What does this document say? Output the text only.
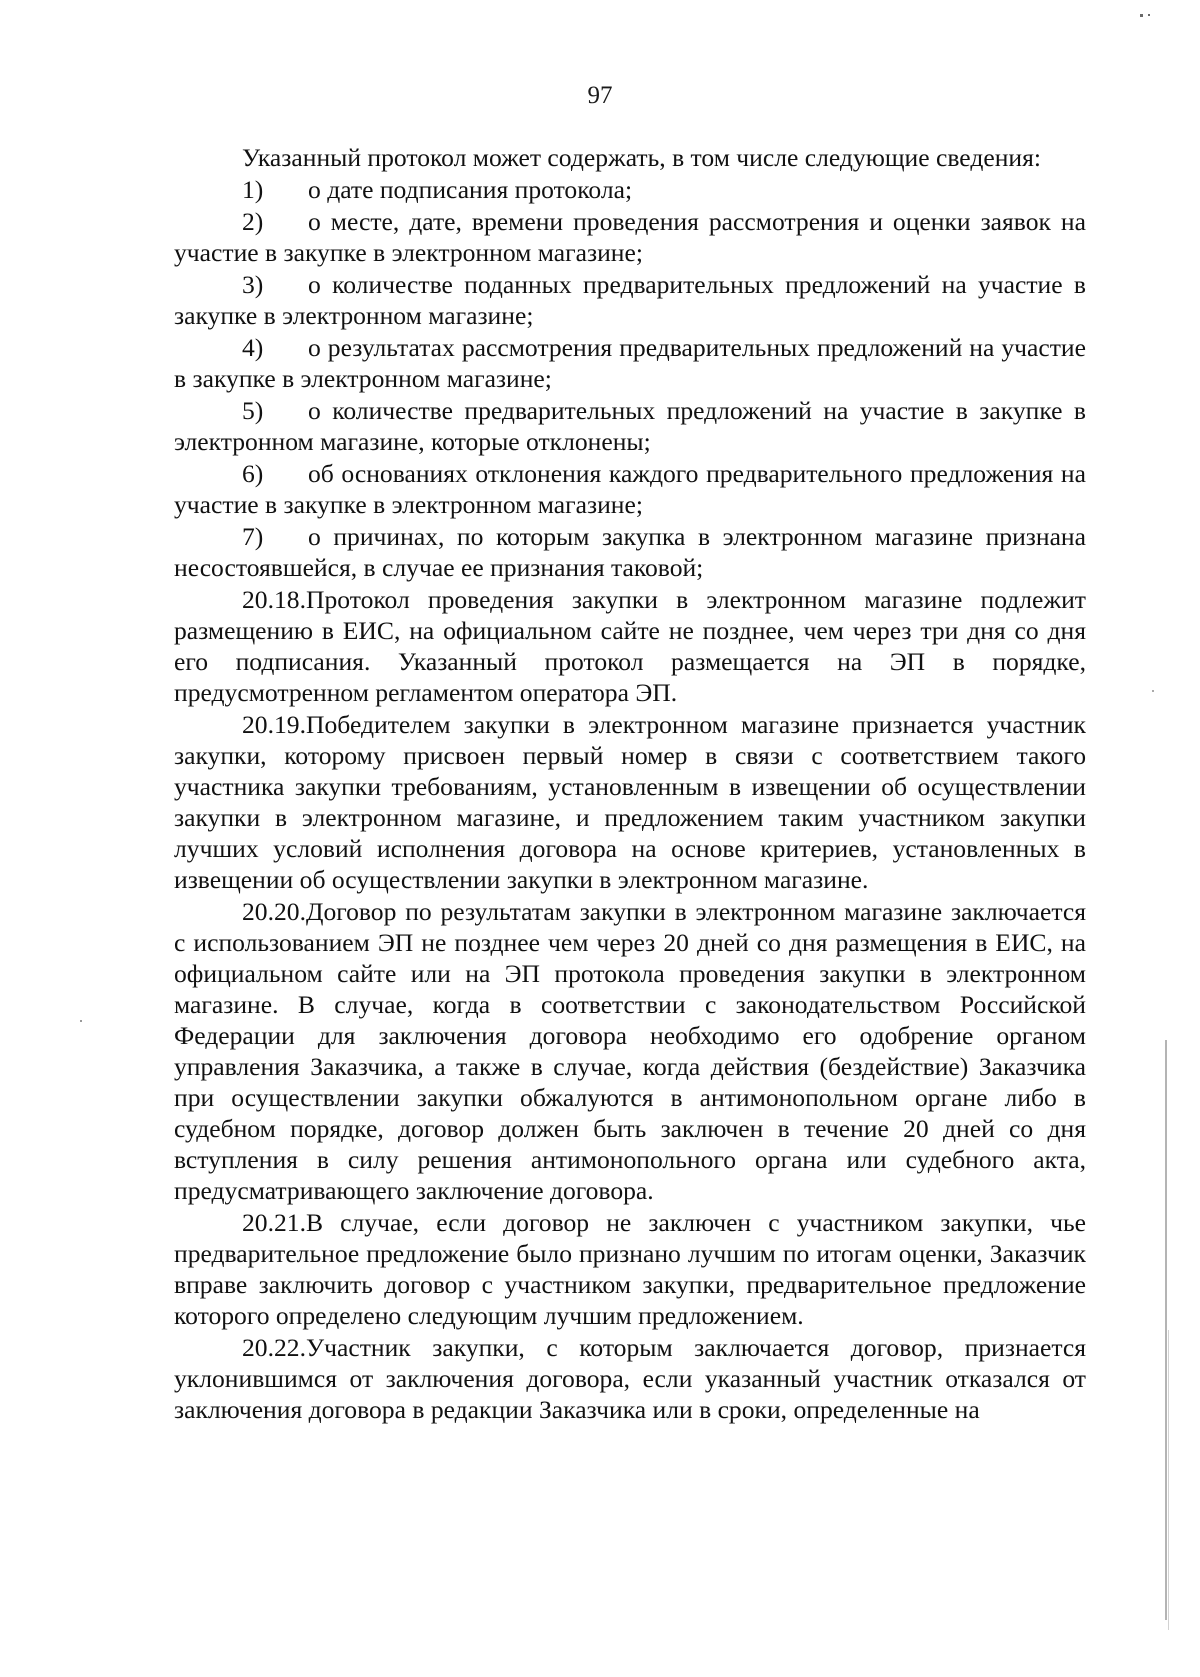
97

Указанный протокол может содержать, в том числе следующие сведения:

1) о дате подписания протокола;
2) о месте, дате, времени проведения рассмотрения и оценки заявок на участие в закупке в электронном магазине;
3) о количестве поданных предварительных предложений на участие в закупке в электронном магазине;
4) о результатах рассмотрения предварительных предложений на участие в закупке в электронном магазине;
5) о количестве предварительных предложений на участие в закупке в электронном магазине, которые отклонены;
6) об основаниях отклонения каждого предварительного предложения на участие в закупке в электронном магазине;
7) о причинах, по которым закупка в электронном магазине признана несостоявшейся, в случае ее признания таковой;

20.18.Протокол проведения закупки в электронном магазине подлежит размещению в ЕИС, на официальном сайте не позднее, чем через три дня со дня его подписания. Указанный протокол размещается на ЭП в порядке, предусмотренном регламентом оператора ЭП.

20.19.Победителем закупки в электронном магазине признается участник закупки, которому присвоен первый номер в связи с соответствием такого участника закупки требованиям, установленным в извещении об осуществлении закупки в электронном магазине, и предложением таким участником закупки лучших условий исполнения договора на основе критериев, установленных в извещении об осуществлении закупки в электронном магазине.

20.20.Договор по результатам закупки в электронном магазине заключается с использованием ЭП не позднее чем через 20 дней со дня размещения в ЕИС, на официальном сайте или на ЭП протокола проведения закупки в электронном магазине. В случае, когда в соответствии с законодательством Российской Федерации для заключения договора необходимо его одобрение органом управления Заказчика, а также в случае, когда действия (бездействие) Заказчика при осуществлении закупки обжалуются в антимонопольном органе либо в судебном порядке, договор должен быть заключен в течение 20 дней со дня вступления в силу решения антимонопольного органа или судебного акта, предусматривающего заключение договора.

20.21.В случае, если договор не заключен с участником закупки, чье предварительное предложение было признано лучшим по итогам оценки, Заказчик вправе заключить договор с участником закупки, предварительное предложение которого определено следующим лучшим предложением.

20.22.Участник закупки, с которым заключается договор, признается уклонившимся от заключения договора, если указанный участник отказался от заключения договора в редакции Заказчика или в сроки, определенные на
